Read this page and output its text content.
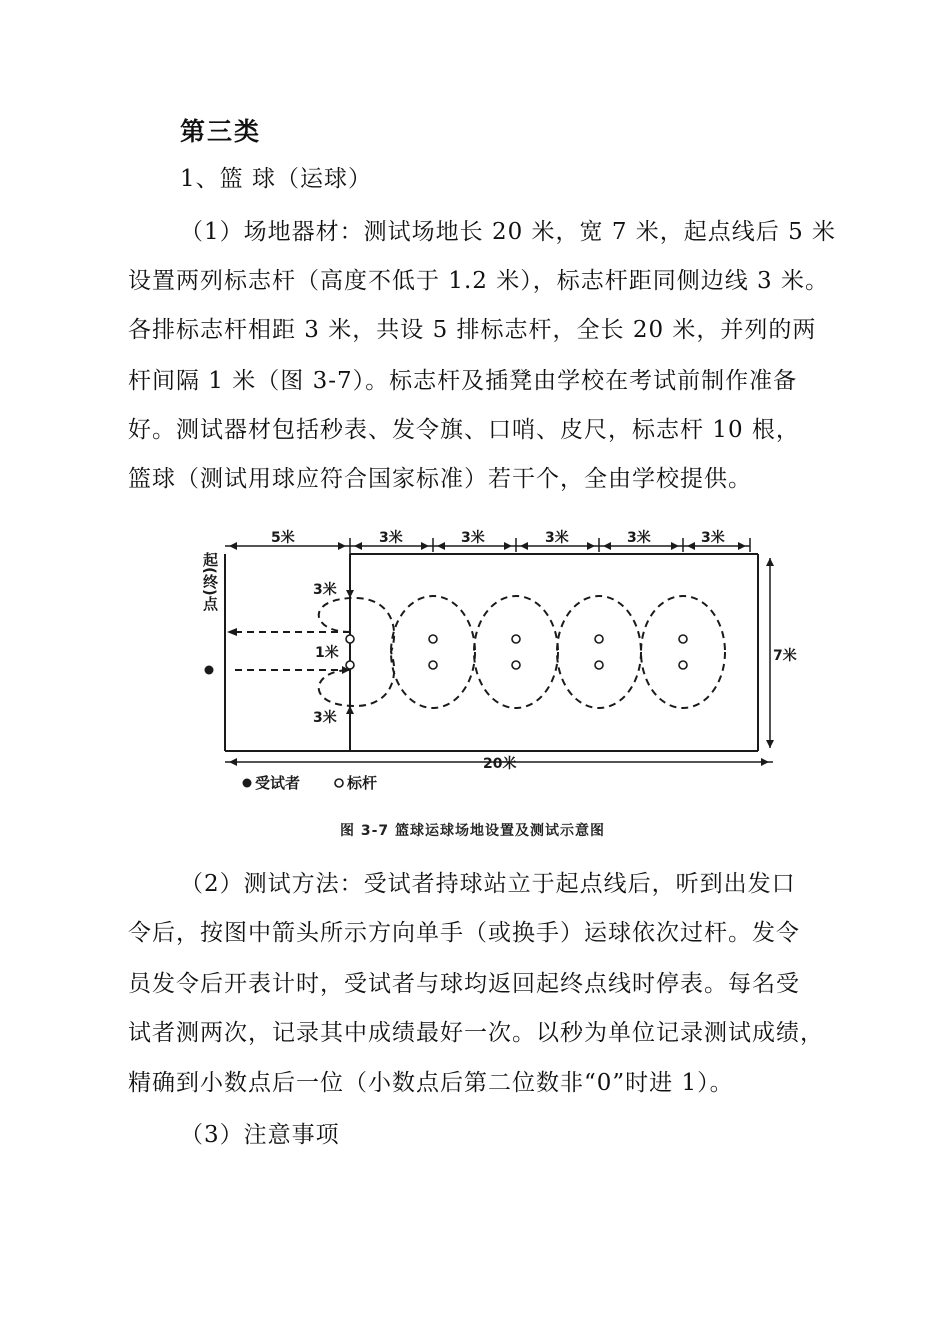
第三类
1、篮 球（运球）
（1）场地器材：测试场地长 20 米，宽 7 米，起点线后 5 米
设置两列标志杆（高度不低于 1.2 米），标志杆距同侧边线 3 米。
各排标志杆相距 3 米，共设 5 排标志杆，全长 20 米，并列的两
杆间隔 1 米（图 3-7）。标志杆及插凳由学校在考试前制作准备
好。测试器材包括秒表、发令旗、口哨、皮尺，标志杆 10 根，
篮球（测试用球应符合国家标准）若干个，全由学校提供。
5米	3米	3米	3米	3米	3米
3米
1米
3米
7米
20米
起(终)点
受试者	标杆
图 3-7 篮球运球场地设置及测试示意图
（2）测试方法：受试者持球站立于起点线后，听到出发口
令后，按图中箭头所示方向单手（或换手）运球依次过杆。发令
员发令后开表计时，受试者与球均返回起终点线时停表。每名受
试者测两次，记录其中成绩最好一次。以秒为单位记录测试成绩，
精确到小数点后一位（小数点后第二位数非“0”时进 1）。
（3）注意事项
